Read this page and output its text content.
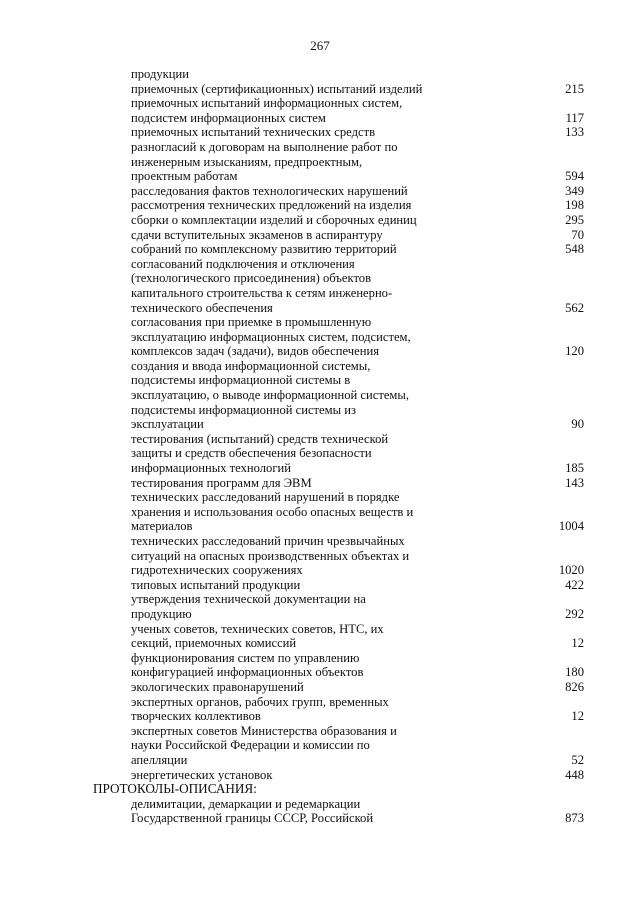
267
продукции
приемочных (сертификационных) испытаний изделий	215
приемочных испытаний информационных систем,
подсистем информационных систем	117
приемочных испытаний технических средств	133
разногласий к договорам на выполнение работ по
инженерным изысканиям, предпроектным,
проектным работам	594
расследования фактов технологических нарушений	349
рассмотрения технических предложений на изделия	198
сборки о комплектации изделий и сборочных единиц	295
сдачи вступительных экзаменов в аспирантуру	70
собраний по комплексному развитию территорий	548
согласований подключения и отключения
(технологического присоединения) объектов
капитального строительства к сетям инженерно-
технического обеспечения	562
согласования при приемке в промышленную
эксплуатацию информационных систем, подсистем,
комплексов задач (задачи), видов обеспечения	120
создания и ввода информационной системы,
подсистемы информационной системы в
эксплуатацию, о выводе информационной системы,
подсистемы информационной системы из
эксплуатации	90
тестирования (испытаний) средств технической
защиты и средств обеспечения безопасности
информационных технологий	185
тестирования программ для ЭВМ	143
технических расследований нарушений в порядке
хранения и использования особо опасных веществ и
материалов	1004
технических расследований причин чрезвычайных
ситуаций на опасных производственных объектах и
гидротехнических сооружениях	1020
типовых испытаний продукции	422
утверждения технической документации на
продукцию	292
ученых советов, технических советов, НТС, их
секций, приемочных комиссий	12
функционирования систем по управлению
конфигурацией информационных объектов	180
экологических правонарушений	826
экспертных органов, рабочих групп, временных
творческих коллективов	12
экспертных советов Министерства образования и
науки Российской Федерации и комиссии по
апелляции	52
энергетических установок	448
ПРОТОКОЛЫ-ОПИСАНИЯ:
делимитации, демаркации и редемаркации
Государственной границы СССР, Российской	873
